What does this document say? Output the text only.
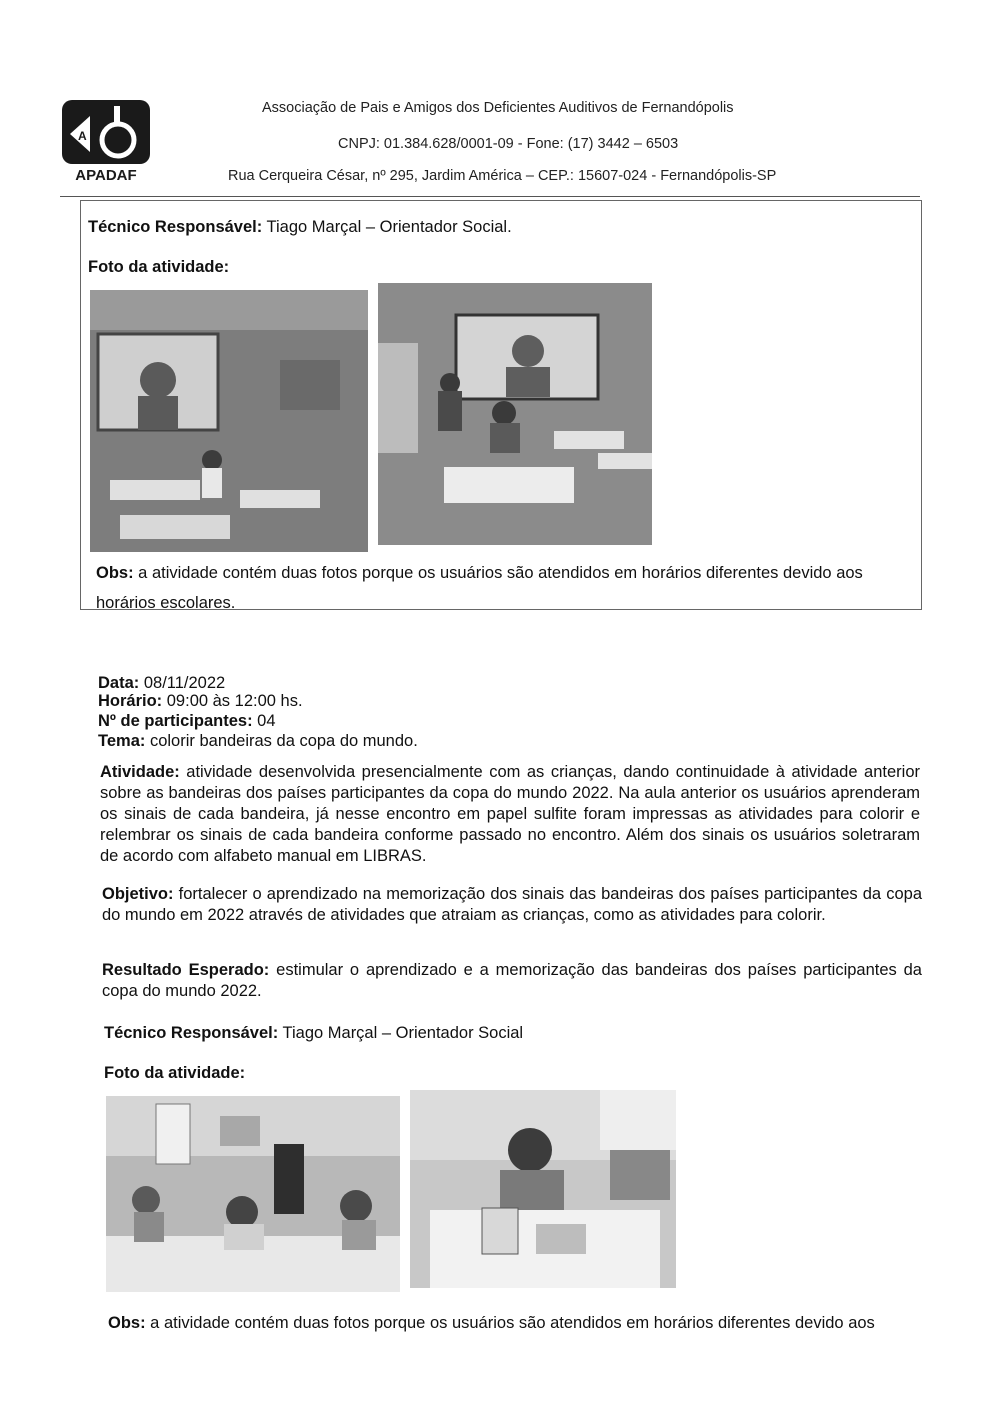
A
APADAF
Associação de Pais e Amigos dos Deficientes Auditivos de Fernandópolis
CNPJ: 01.384.628/0001-09 - Fone: (17) 3442 – 6503
Rua Cerqueira César, nº 295, Jardim América – CEP.: 15607-024 - Fernandópolis-SP
Técnico Responsável: Tiago Marçal – Orientador Social.
Foto da atividade:
Obs: a atividade contém duas fotos porque os usuários são atendidos em horários diferentes devido aos
horários escolares.
Data: 08/11/2022
Horário: 09:00 às 12:00 hs.
Nº de participantes: 04
Tema: colorir bandeiras da copa do mundo.
Atividade: atividade desenvolvida presencialmente com as crianças, dando continuidade à atividade anterior sobre as bandeiras dos países participantes da copa do mundo 2022. Na aula anterior os usuários aprenderam os sinais de cada bandeira, já nesse encontro em papel sulfite foram impressas as atividades para colorir e relembrar os sinais de cada bandeira conforme passado no encontro. Além dos sinais os usuários soletraram de acordo com alfabeto manual em LIBRAS.
Objetivo: fortalecer o aprendizado na memorização dos sinais das bandeiras dos países participantes da copa do mundo em 2022 através de atividades que atraiam as crianças, como as atividades para colorir.
Resultado Esperado: estimular o aprendizado e a memorização das bandeiras dos países participantes da copa do mundo 2022.
Técnico Responsável: Tiago Marçal – Orientador Social
Foto da atividade:
Obs: a atividade contém duas fotos porque os usuários são atendidos em horários diferentes devido aos
